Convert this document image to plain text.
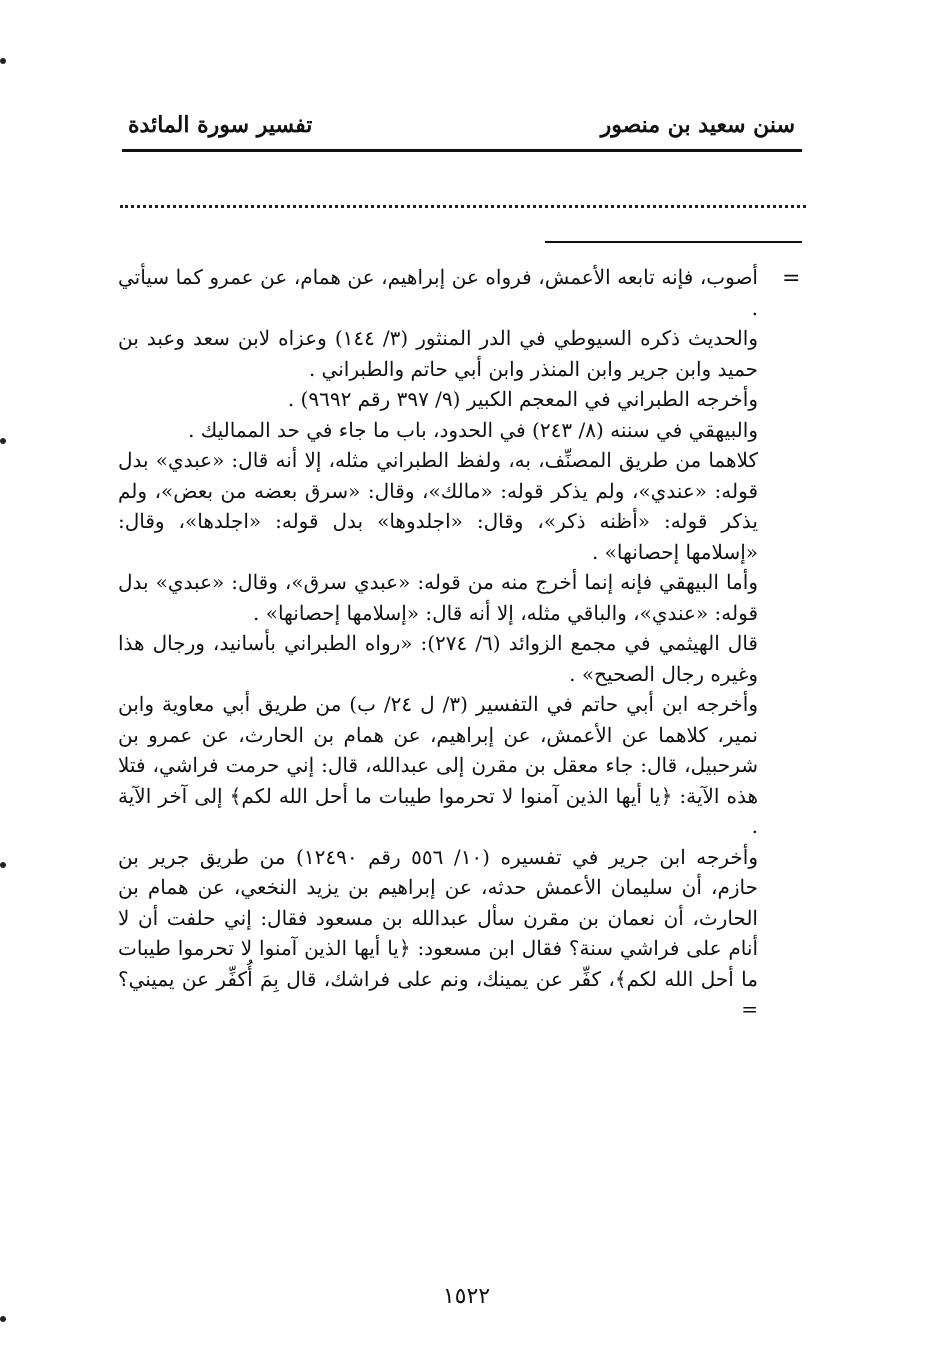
سنن سعيد بن منصور
تفسير سورة المائدة
=

أصوب، فإنه تابعه الأعمش، فرواه عن إبراهيم، عن همام، عن عمرو كما سيأتي .

والحديث ذكره السيوطي في الدر المنثور (٣/ ١٤٤) وعزاه لابن سعد وعبد بن حميد وابن جرير وابن المنذر وابن أبي حاتم والطبراني .

وأخرجه الطبراني في المعجم الكبير (٩/ ٣٩٧ رقم ٩٦٩٢) .

والبيهقي في سننه (٨/ ٢٤٣) في الحدود، باب ما جاء في حد المماليك .

كلاهما من طريق المصنِّف، به، ولفظ الطبراني مثله، إلا أنه قال: «عبدي» بدل قوله: «عندي»، ولم يذكر قوله: «مالك»، وقال: «سرق بعضه من بعض»، ولم يذكر قوله: «أظنه ذكر»، وقال: «اجلدوها» بدل قوله: «اجلدها»، وقال: «إسلامها إحصانها» .

وأما البيهقي فإنه إنما أخرج منه من قوله: «عبدي سرق»، وقال: «عبدي» بدل قوله: «عندي»، والباقي مثله، إلا أنه قال: «إسلامها إحصانها» .

قال الهيثمي في مجمع الزوائد (٦/ ٢٧٤): «رواه الطبراني بأسانيد، ورجال هذا وغيره رجال الصحيح» .

وأخرجه ابن أبي حاتم في التفسير (٣/ ل ٢٤/ ب) من طريق أبي معاوية وابن نمير، كلاهما عن الأعمش، عن إبراهيم، عن همام بن الحارث، عن عمرو بن شرحبيل، قال: جاء معقل بن مقرن إلى عبدالله، قال: إني حرمت فراشي، فتلا هذه الآية: ﴿يا أيها الذين آمنوا لا تحرموا طيبات ما أحل الله لكم﴾ إلى آخر الآية .

وأخرجه ابن جرير في تفسيره (١٠/ ٥٥٦ رقم ١٢٤٩٠) من طريق جرير بن حازم، أن سليمان الأعمش حدثه، عن إبراهيم بن يزيد النخعي، عن همام بن الحارث، أن نعمان بن مقرن سأل عبدالله بن مسعود فقال: إني حلفت أن لا أنام على فراشي سنة؟ فقال ابن مسعود: ﴿يا أيها الذين آمنوا لا تحرموا طيبات ما أحل الله لكم﴾، كفِّر عن يمينك، ونم على فراشك، قال بِمَ أُكفِّر عن يميني؟=

١٥٢٢
